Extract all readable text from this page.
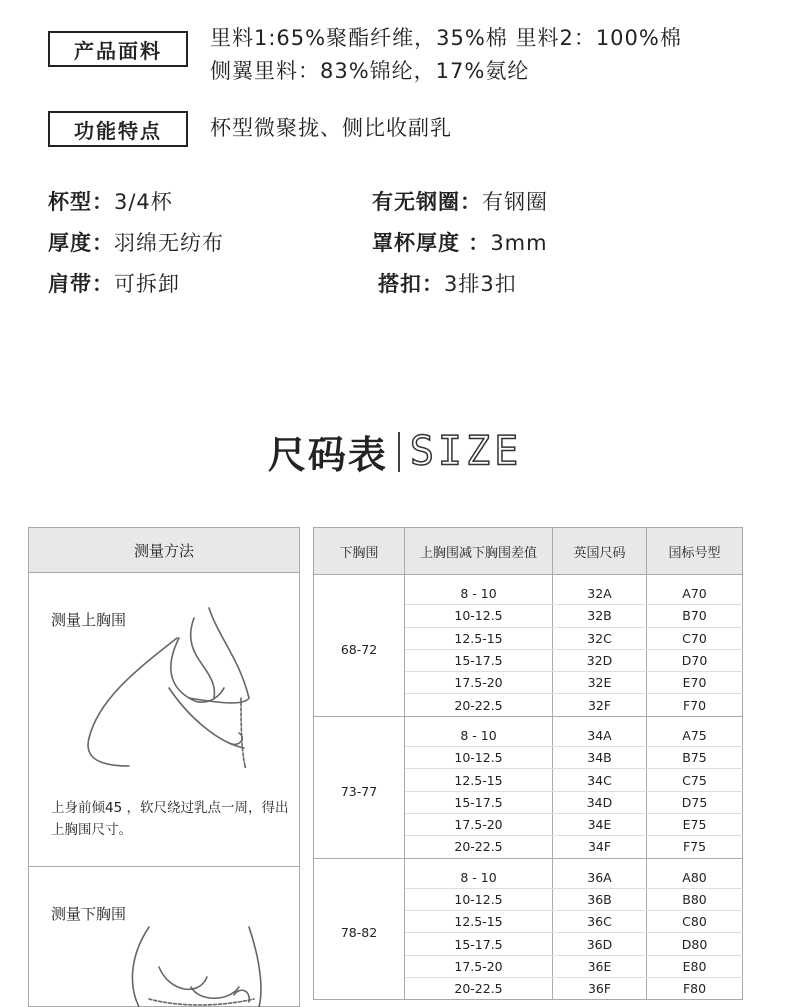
产品面料
里料1:65%聚酯纤维，35%棉 里料2：100%棉
侧翼里料：83%锦纶，17%氨纶
功能特点	杯型微聚拢、侧比收副乳
杯型：3/4杯	有无钢圈：有钢圈
厚度：羽绵无纺布	罩杯厚度 ：3mm
肩带：可拆卸	搭扣：3排3扣
尺码表 SIZE
测量方法
测量上胸围
上身前倾45 ，软尺绕过乳点一周，得出上胸围尺寸。
测量下胸围
下胸围	上胸围减下胸围差值	英国尺码	国标号型
68-72	8 - 10	32A	A70
	10-12.5	32B	B70
	12.5-15	32C	C70
	15-17.5	32D	D70
	17.5-20	32E	E70
	20-22.5	32F	F70
73-77	8 - 10	34A	A75
	10-12.5	34B	B75
	12.5-15	34C	C75
	15-17.5	34D	D75
	17.5-20	34E	E75
	20-22.5	34F	F75
78-82	8 - 10	36A	A80
	10-12.5	36B	B80
	12.5-15	36C	C80
	15-17.5	36D	D80
	17.5-20	36E	E80
	20-22.5	36F	F80
